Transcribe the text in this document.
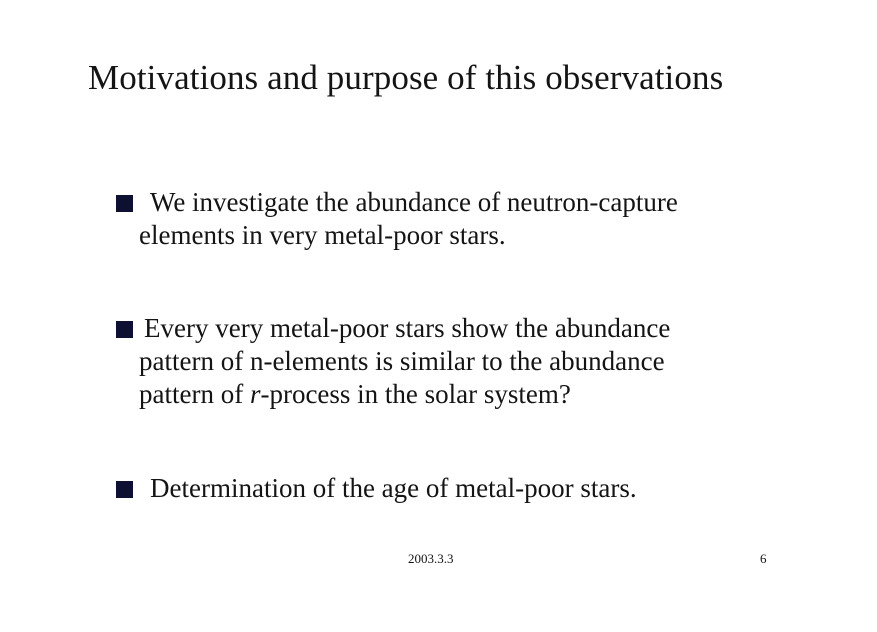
Motivations and purpose of this observations
We investigate the abundance of neutron-capture
elements in very metal-poor stars.
Every very metal-poor stars show the abundance
pattern of n-elements is similar to the abundance
pattern of r-process in the solar system?
Determination of the age of metal-poor stars.
2003.3.3	6
